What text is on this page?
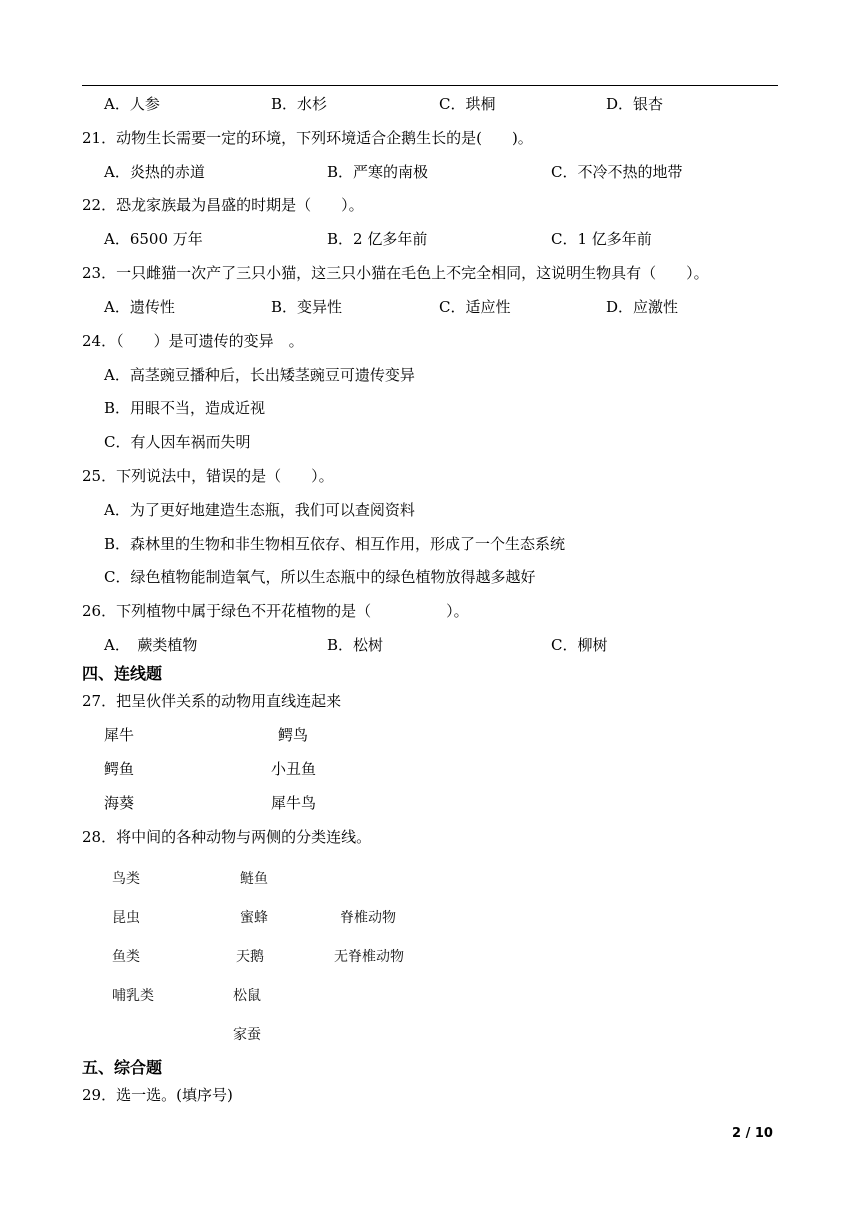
A．人参	B．水杉	C．珙桐	D．银杏
21．动物生长需要一定的环境，下列环境适合企鹅生长的是(　　)。
A．炎热的赤道	B．严寒的南极	C．不冷不热的地带
22．恐龙家族最为昌盛的时期是（　　）。
A．6500 万年	B．2 亿多年前	C．1 亿多年前
23．一只雌猫一次产了三只小猫，这三只小猫在毛色上不完全相同，这说明生物具有（　　）。
A．遗传性	B．变异性	C．适应性	D．应激性
24．（　　）是可遗传的变异　。
A．高茎豌豆播种后，长出矮茎豌豆可遗传变异
B．用眼不当，造成近视
C．有人因车祸而失明
25．下列说法中，错误的是（　　）。
A．为了更好地建造生态瓶，我们可以查阅资料
B．森林里的生物和非生物相互依存、相互作用，形成了一个生态系统
C．绿色植物能制造氧气，所以生态瓶中的绿色植物放得越多越好
26．下列植物中属于绿色不开花植物的是（　　　　　）。
A．　蕨类植物	B．松树	C．柳树
四、连线题
27．把呈伙伴关系的动物用直线连起来
犀牛
鳄鱼
海葵
鳄鸟
小丑鱼
犀牛鸟
28．将中间的各种动物与两侧的分类连线。
鸟类
昆虫
鱼类
哺乳类
鲢鱼
蜜蜂
天鹅
松鼠
家蚕
脊椎动物
无脊椎动物
五、综合题
29．选一选。(填序号)
2 / 10
